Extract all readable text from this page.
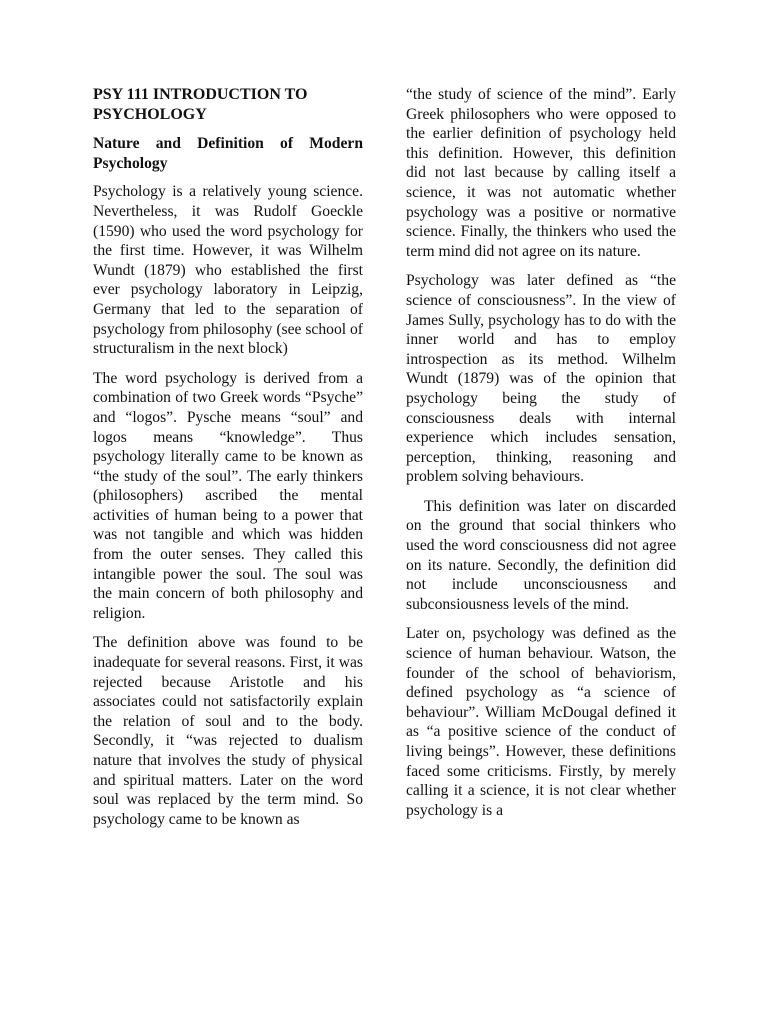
PSY 111 INTRODUCTION TO PSYCHOLOGY
Nature and Definition of Modern Psychology

Psychology is a relatively young science. Nevertheless, it was Rudolf Goeckle (1590) who used the word psychology for the first time. However, it was Wilhelm Wundt (1879) who established the first ever psychology laboratory in Leipzig, Germany that led to the separation of psychology from philosophy (see school of structuralism in the next block)

The word psychology is derived from a combination of two Greek words “Psyche” and “logos”. Pysche means “soul” and logos means “knowledge”. Thus psychology literally came to be known as “the study of the soul”. The early thinkers (philosophers) ascribed the mental activities of human being to a power that was not tangible and which was hidden from the outer senses. They called this intangible power the soul. The soul was the main concern of both philosophy and religion.

The definition above was found to be inadequate for several reasons. First, it was rejected because Aristotle and his associates could not satisfactorily explain the relation of soul and to the body. Secondly, it “was rejected to dualism nature that involves the study of physical and spiritual matters. Later on the word soul was replaced by the term mind. So psychology came to be known as

“the study of science of the mind”. Early Greek philosophers who were opposed to the earlier definition of psychology held this definition. However, this definition did not last because by calling itself a science, it was not automatic whether psychology was a positive or normative science. Finally, the thinkers who used the term mind did not agree on its nature.

Psychology was later defined as “the science of consciousness”. In the view of James Sully, psychology has to do with the inner world and has to employ introspection as its method. Wilhelm Wundt (1879) was of the opinion that psychology being the study of consciousness deals with internal experience which includes sensation, perception, thinking, reasoning and problem solving behaviours.

This definition was later on discarded on the ground that social thinkers who used the word consciousness did not agree on its nature. Secondly, the definition did not include unconsciousness and subconsiousness levels of the mind.

Later on, psychology was defined as the science of human behaviour. Watson, the founder of the school of behaviorism, defined psychology as “a science of behaviour”. William McDougal defined it as “a positive science of the conduct of living beings”. However, these definitions faced some criticisms. Firstly, by merely calling it a science, it is not clear whether psychology is a
